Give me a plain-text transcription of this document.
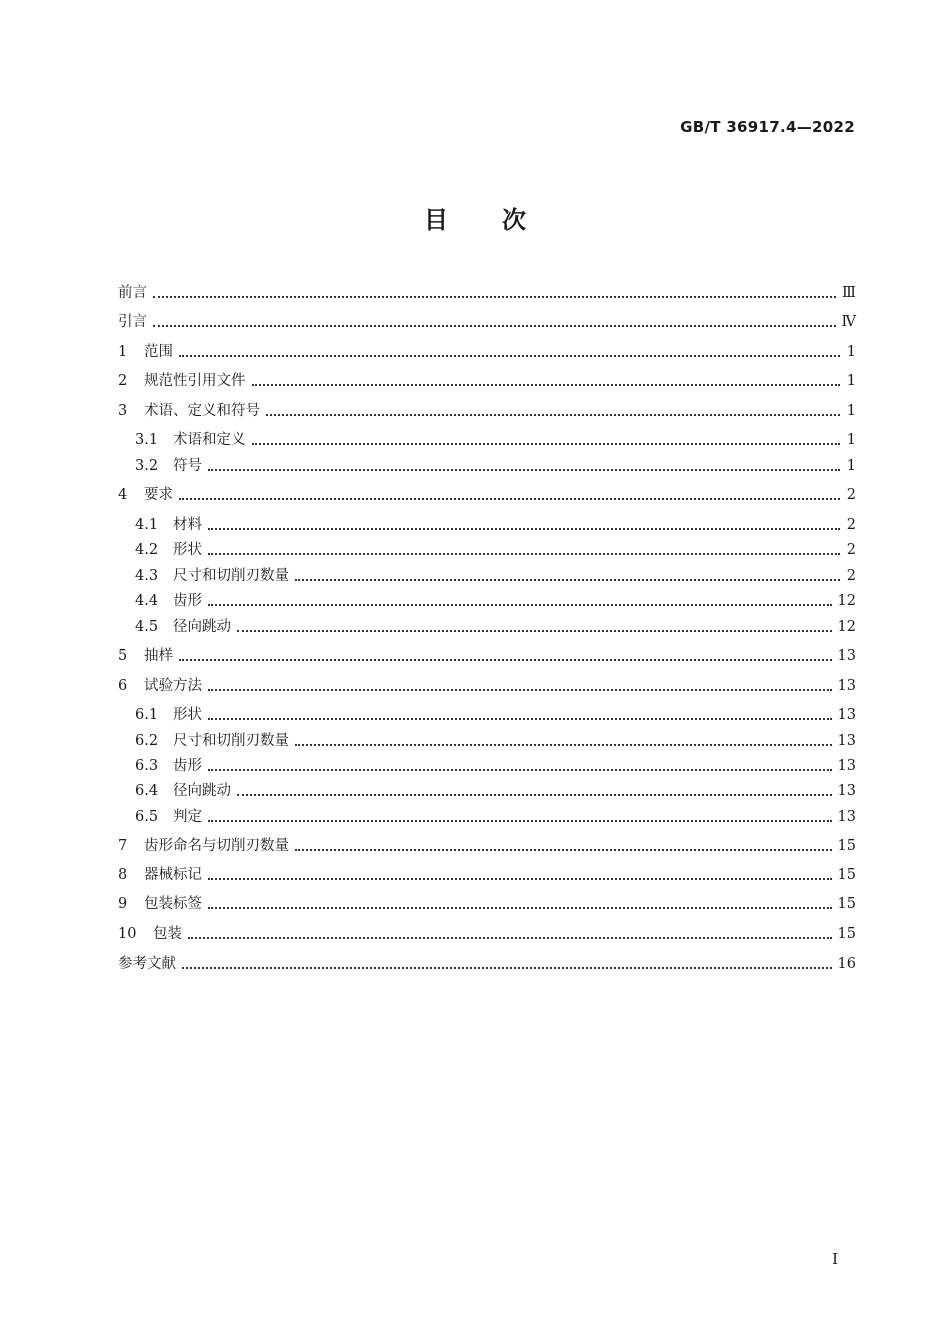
GB/T 36917.4—2022
目 次
前言	Ⅲ
引言	Ⅳ
1	范围	1
2	规范性引用文件	1
3	术语、定义和符号	1
3.1	术语和定义	1
3.2	符号	1
4	要求	2
4.1	材料	2
4.2	形状	2
4.3	尺寸和切削刃数量	2
4.4	齿形	12
4.5	径向跳动	12
5	抽样	13
6	试验方法	13
6.1	形状	13
6.2	尺寸和切削刃数量	13
6.3	齿形	13
6.4	径向跳动	13
6.5	判定	13
7	齿形命名与切削刃数量	15
8	器械标记	15
9	包装标签	15
10	包装	15
参考文献	16
I
